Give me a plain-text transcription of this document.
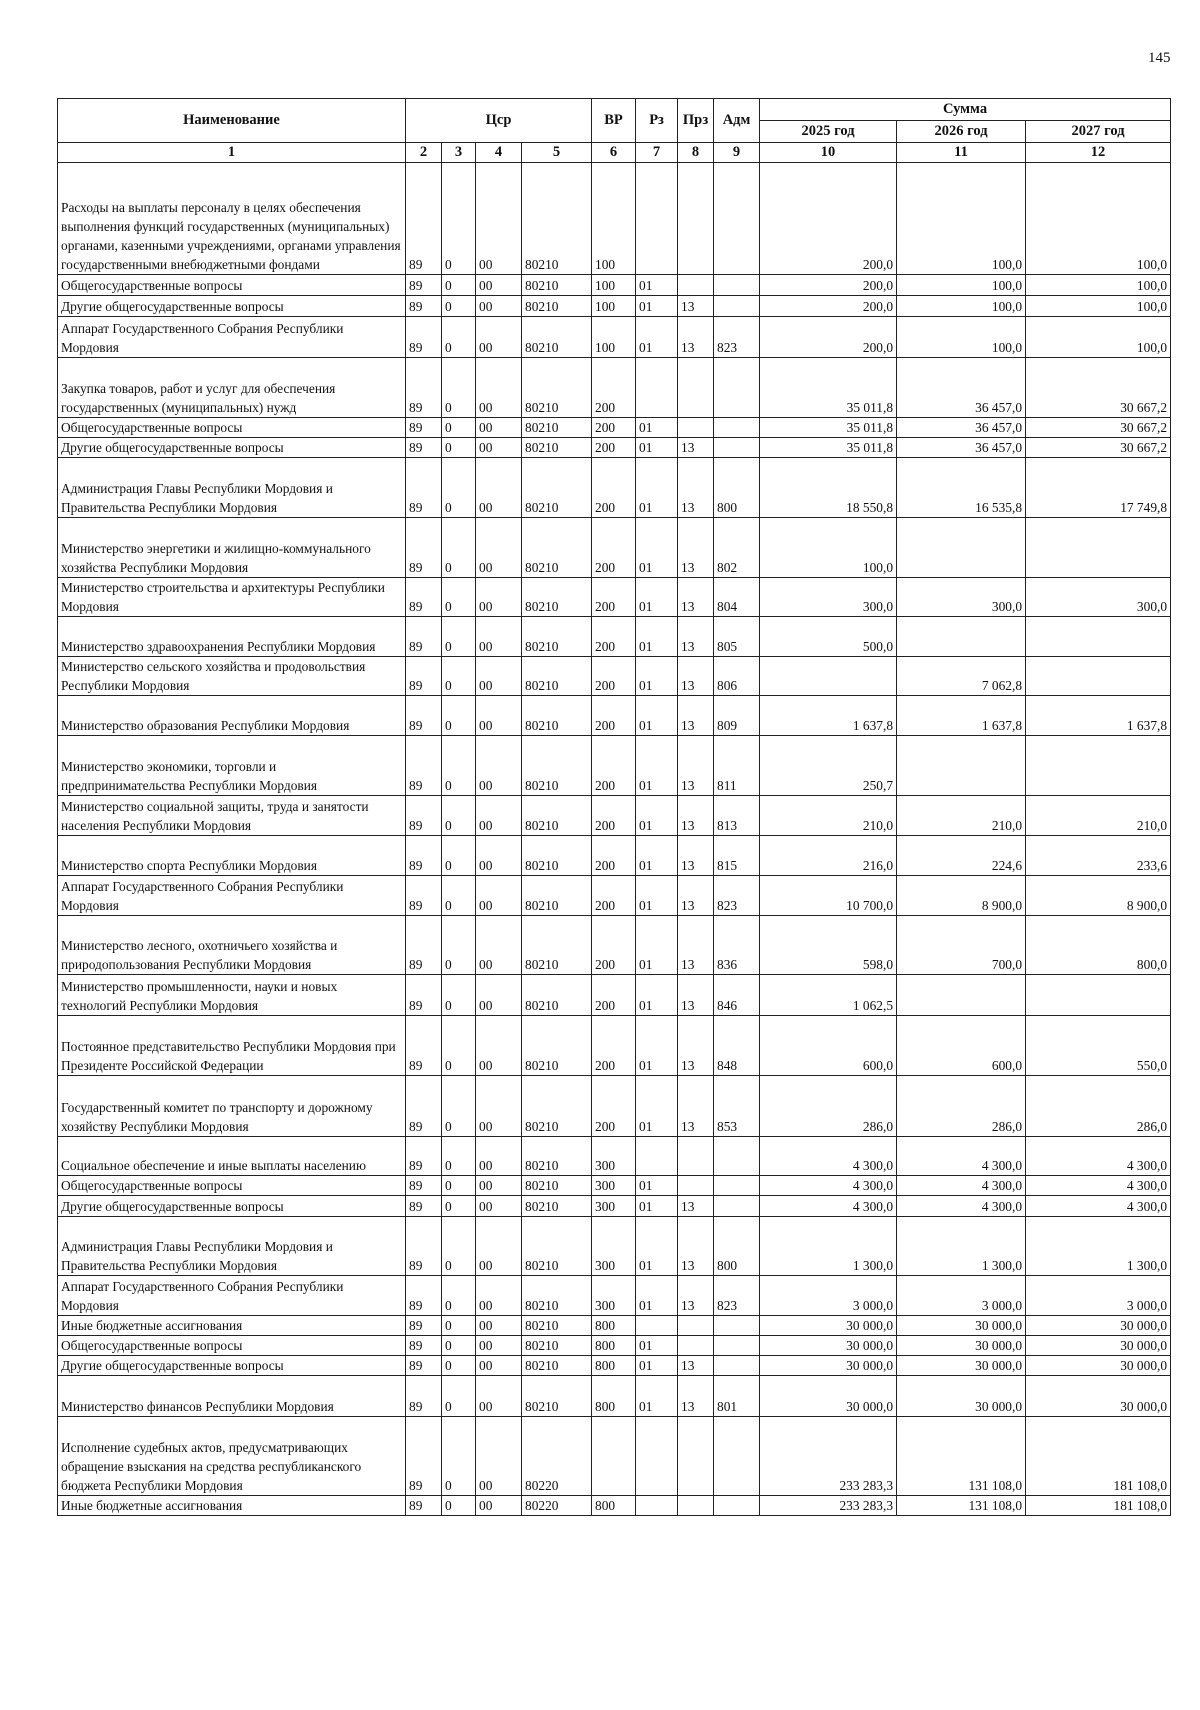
145
Наименование	Цср				ВР	Рз	Прз	Адм	Сумма		
									2025 год	2026 год	2027 год
1	2	3	4	5	6	7	8	9	10	11	12
Расходы на выплаты персоналу в целях обеспечения выполнения функций государственных (муниципальных) органами, казенными учреждениями, органами управления государственными внебюджетными фондами	89	0	00	80210	100				200,0	100,0	100,0
Общегосударственные вопросы	89	0	00	80210	100	01			200,0	100,0	100,0
Другие общегосударственные вопросы	89	0	00	80210	100	01	13		200,0	100,0	100,0
Аппарат Государственного Собрания Республики Мордовия	89	0	00	80210	100	01	13	823	200,0	100,0	100,0
Закупка товаров, работ и услуг для обеспечения государственных (муниципальных) нужд	89	0	00	80210	200				35 011,8	36 457,0	30 667,2
Общегосударственные вопросы	89	0	00	80210	200	01			35 011,8	36 457,0	30 667,2
Другие общегосударственные вопросы	89	0	00	80210	200	01	13		35 011,8	36 457,0	30 667,2
Администрация Главы Республики Мордовия и Правительства Республики Мордовия	89	0	00	80210	200	01	13	800	18 550,8	16 535,8	17 749,8
Министерство энергетики и жилищно-коммунального хозяйства Республики Мордовия	89	0	00	80210	200	01	13	802	100,0		
Министерство строительства и архитектуры Республики Мордовия	89	0	00	80210	200	01	13	804	300,0	300,0	300,0
Министерство здравоохранения Республики Мордовия	89	0	00	80210	200	01	13	805	500,0		
Министерство сельского хозяйства и продовольствия Республики Мордовия	89	0	00	80210	200	01	13	806		7 062,8	
Министерство образования Республики Мордовия	89	0	00	80210	200	01	13	809	1 637,8	1 637,8	1 637,8
Министерство экономики, торговли и предпринимательства Республики Мордовия	89	0	00	80210	200	01	13	811	250,7		
Министерство социальной защиты, труда и занятости населения Республики Мордовия	89	0	00	80210	200	01	13	813	210,0	210,0	210,0
Министерство спорта Республики Мордовия	89	0	00	80210	200	01	13	815	216,0	224,6	233,6
Аппарат Государственного Собрания Республики Мордовия	89	0	00	80210	200	01	13	823	10 700,0	8 900,0	8 900,0
Министерство лесного, охотничьего хозяйства и природопользования Республики Мордовия	89	0	00	80210	200	01	13	836	598,0	700,0	800,0
Министерство промышленности, науки и новых технологий Республики Мордовия	89	0	00	80210	200	01	13	846	1 062,5		
Постоянное представительство Республики Мордовия при Президенте Российской Федерации	89	0	00	80210	200	01	13	848	600,0	600,0	550,0
Государственный комитет по транспорту и дорожному хозяйству Республики Мордовия	89	0	00	80210	200	01	13	853	286,0	286,0	286,0
Социальное обеспечение и иные выплаты населению	89	0	00	80210	300				4 300,0	4 300,0	4 300,0
Общегосударственные вопросы	89	0	00	80210	300	01			4 300,0	4 300,0	4 300,0
Другие общегосударственные вопросы	89	0	00	80210	300	01	13		4 300,0	4 300,0	4 300,0
Администрация Главы Республики Мордовия и Правительства Республики Мордовия	89	0	00	80210	300	01	13	800	1 300,0	1 300,0	1 300,0
Аппарат Государственного Собрания Республики Мордовия	89	0	00	80210	300	01	13	823	3 000,0	3 000,0	3 000,0
Иные бюджетные ассигнования	89	0	00	80210	800				30 000,0	30 000,0	30 000,0
Общегосударственные вопросы	89	0	00	80210	800	01			30 000,0	30 000,0	30 000,0
Другие общегосударственные вопросы	89	0	00	80210	800	01	13		30 000,0	30 000,0	30 000,0
Министерство финансов Республики Мордовия	89	0	00	80210	800	01	13	801	30 000,0	30 000,0	30 000,0
Исполнение судебных актов, предусматривающих обращение взыскания на средства республиканского бюджета Республики Мордовия	89	0	00	80220					233 283,3	131 108,0	181 108,0
Иные бюджетные ассигнования	89	0	00	80220	800				233 283,3	131 108,0	181 108,0
